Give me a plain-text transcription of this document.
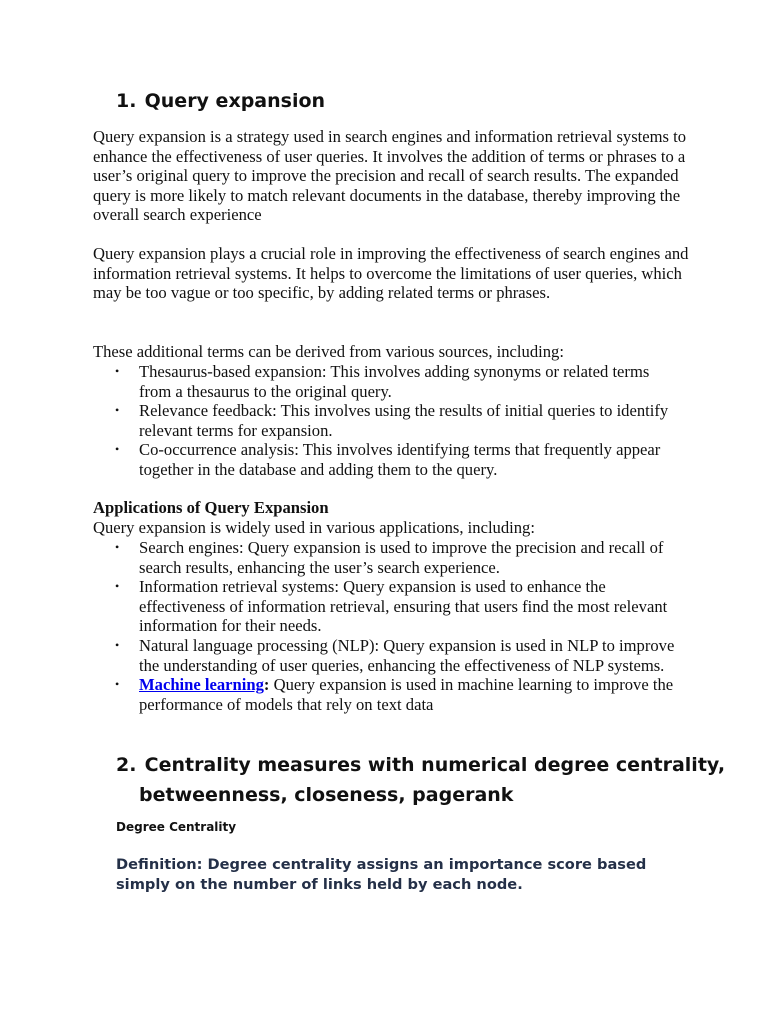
1. Query expansion

Query expansion is a strategy used in search engines and information retrieval systems to enhance the effectiveness of user queries. It involves the addition of terms or phrases to a user’s original query to improve the precision and recall of search results. The expanded query is more likely to match relevant documents in the database, thereby improving the overall search experience

Query expansion plays a crucial role in improving the effectiveness of search engines and information retrieval systems. It helps to overcome the limitations of user queries, which may be too vague or too specific, by adding related terms or phrases.

These additional terms can be derived from various sources, including:

• Thesaurus-based expansion: This involves adding synonyms or related terms from a thesaurus to the original query.
• Relevance feedback: This involves using the results of initial queries to identify relevant terms for expansion.
• Co-occurrence analysis: This involves identifying terms that frequently appear together in the database and adding them to the query.

Applications of Query Expansion

Query expansion is widely used in various applications, including:

• Search engines: Query expansion is used to improve the precision and recall of search results, enhancing the user’s search experience.
• Information retrieval systems: Query expansion is used to enhance the effectiveness of information retrieval, ensuring that users find the most relevant information for their needs.
• Natural language processing (NLP): Query expansion is used in NLP to improve the understanding of user queries, enhancing the effectiveness of NLP systems.
• Machine learning: Query expansion is used in machine learning to improve the performance of models that rely on text data
2. Centrality measures with numerical degree centrality,
betweenness, closeness, pagerank

Degree Centrality

Definition: Degree centrality assigns an importance score based simply on the number of links held by each node.
